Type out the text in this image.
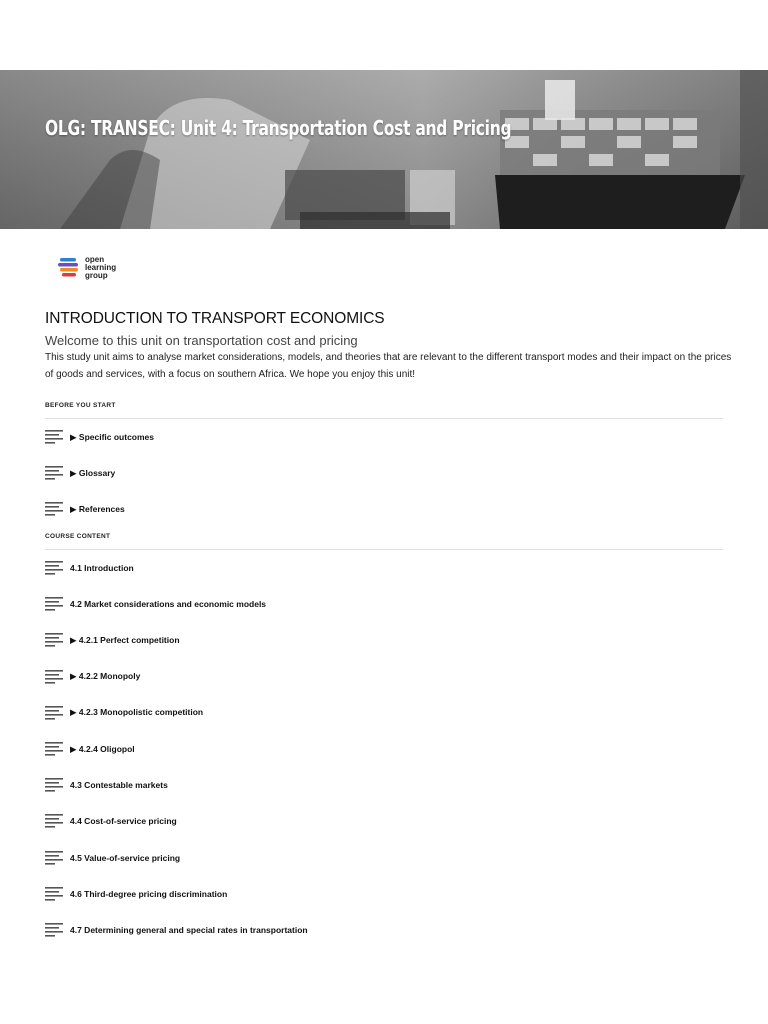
OLG: TRANSEC: Unit 4: Transportation Cost and Pricing
open
learning
group
INTRODUCTION TO TRANSPORT ECONOMICS
Welcome to this unit on transportation cost and pricing

This study unit aims to analyse market considerations, models, and theories that are relevant to the different transport modes and their impact on the prices of goods and services, with a focus on southern Africa. We hope you enjoy this unit!

BEFORE YOU START
▶ Specific outcomes
▶ Glossary
▶ References
COURSE CONTENT
4.1 Introduction
4.2 Market considerations and economic models
▶ 4.2.1 Perfect competition
▶ 4.2.2 Monopoly
▶ 4.2.3 Monopolistic competition
▶ 4.2.4 Oligopol
4.3 Contestable markets
4.4 Cost-of-service pricing
4.5 Value-of-service pricing
4.6 Third-degree pricing discrimination
4.7 Determining general and special rates in transportation
